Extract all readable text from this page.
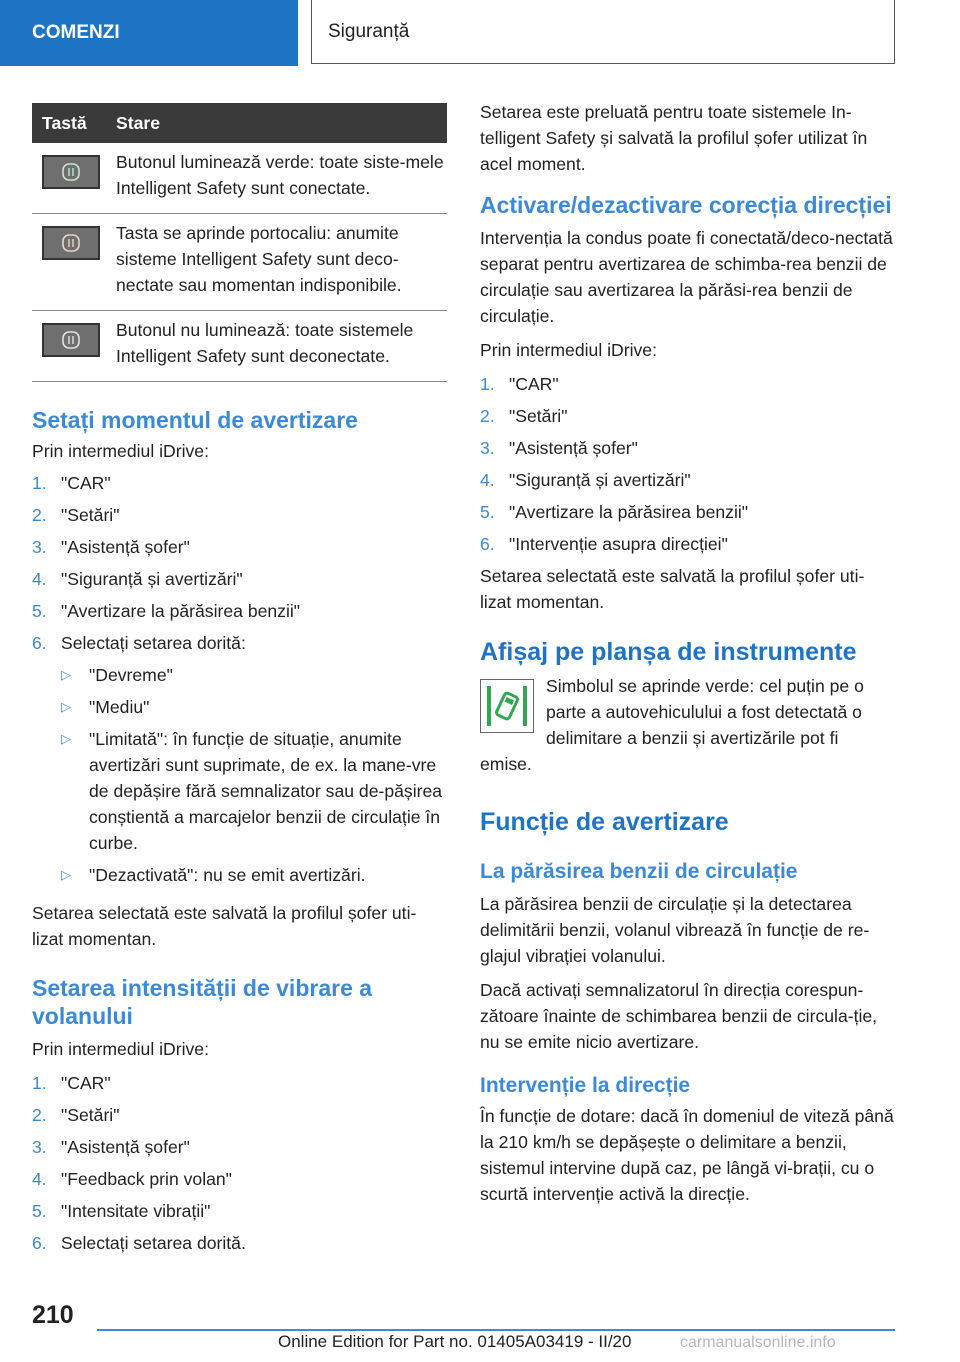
COMENZI	Siguranță
Tastă	Stare

	Butonul luminează verde: toate siste-mele Intelligent Safety sunt conectate.

	Tasta se aprinde portocaliu: anumite sisteme Intelligent Safety sunt deco-nectate sau momentan indisponibile.

	Butonul nu luminează: toate sistemele Intelligent Safety sunt deconectate.
Setați momentul de avertizare

Prin intermediul iDrive:

1. "CAR"
2. "Setări"
3. "Asistență șofer"
4. "Siguranță și avertizări"
5. "Avertizare la părăsirea benzii"
6. Selectați setarea dorită:
▷	"Devreme"
▷	"Mediu"
▷	"Limitată": în funcție de situație, anumite avertizări sunt suprimate, de ex. la mane-vre de depășire fără semnalizator sau de-pășirea conștientă a marcajelor benzii de circulație în curbe.
▷	"Dezactivată": nu se emit avertizări.

Setarea selectată este salvată la profilul șofer uti-lizat momentan.

Setarea intensității de vibrare a volanului

Prin intermediul iDrive:

1. "CAR"
2. "Setări"
3. "Asistență șofer"
4. "Feedback prin volan"
5. "Intensitate vibrații"
6. Selectați setarea dorită.

Setarea este preluată pentru toate sistemele In-telligent Safety și salvată la profilul șofer utilizat în acel moment.

Activare/dezactivare corecția direcției

Intervenția la condus poate fi conectată/deco-nectată separat pentru avertizarea de schimba-rea benzii de circulație sau avertizarea la părăsi-rea benzii de circulație.

Prin intermediul iDrive:

1. "CAR"
2. "Setări"
3. "Asistență șofer"
4. "Siguranță și avertizări"
5. "Avertizare la părăsirea benzii"
6. "Intervenție asupra direcției"

Setarea selectată este salvată la profilul șofer uti-lizat momentan.

Afișaj pe planșa de instrumente

Simbolul se aprinde verde: cel puțin pe o parte a autovehiculului a fost detectată o delimitare a benzii și avertizările pot fi emise.

Funcție de avertizare
La părăsirea benzii de circulație

La părăsirea benzii de circulație și la detectarea delimitării benzii, volanul vibrează în funcție de re-glajul vibrației volanului.

Dacă activați semnalizatorul în direcția corespun-zătoare înainte de schimbarea benzii de circula-ție, nu se emite nicio avertizare.

Intervenție la direcție

În funcție de dotare: dacă în domeniul de viteză până la 210 km/h se depășește o delimitare a benzii, sistemul intervine după caz, pe lângă vi-brații, cu o scurtă intervenție activă la direcție.

210
Online Edition for Part no. 01405A03419 - II/20	carmanualsonline.info
